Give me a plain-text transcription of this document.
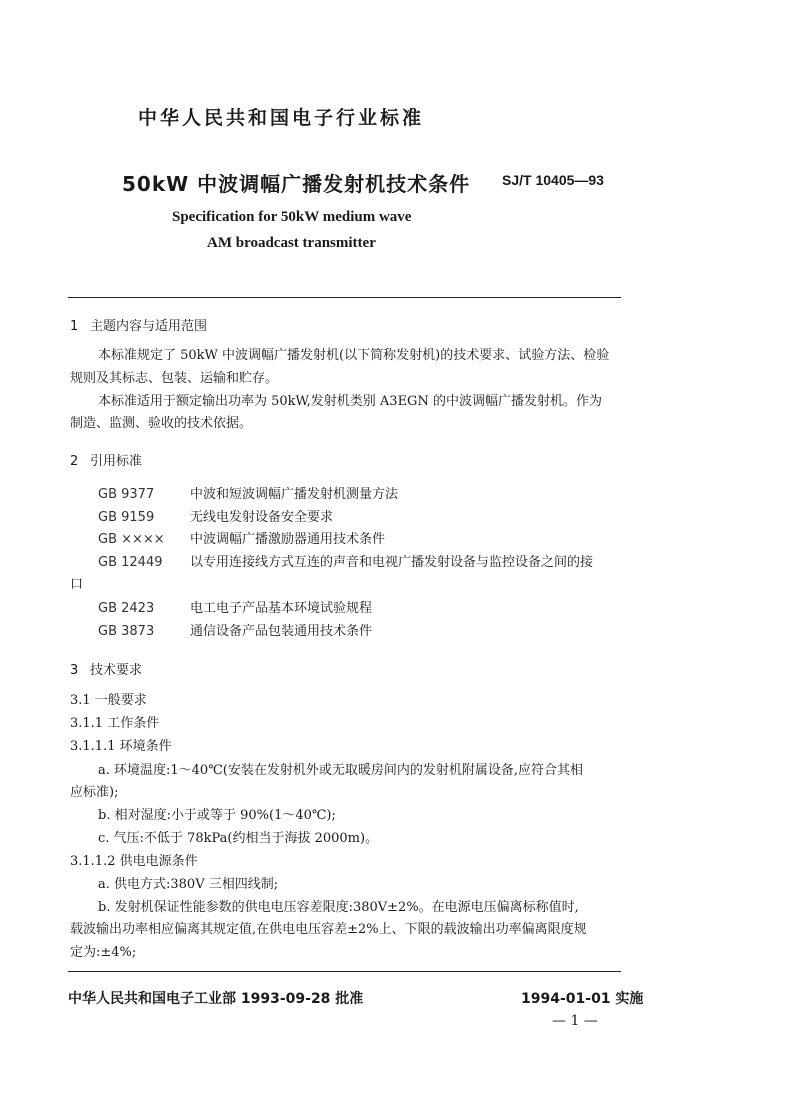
中华人民共和国电子行业标准
50kW 中波调幅广播发射机技术条件 SJ/T 10405—93
Specification for 50kW medium wave
AM broadcast transmitter
1 主题内容与适用范围
本标准规定了 50kW 中波调幅广播发射机(以下简称发射机)的技术要求、试验方法、检验
规则及其标志、包装、运输和贮存。
本标准适用于额定输出功率为 50kW,发射机类别 A3EGN 的中波调幅广播发射机。作为
制造、监测、验收的技术依据。
2 引用标准
GB 9377	中波和短波调幅广播发射机测量方法
GB 9159	无线电发射设备安全要求
GB ×××× 中波调幅广播激励器通用技术条件
GB 12449 以专用连接线方式互连的声音和电视广播发射设备与监控设备之间的接
口
GB 2423	电工电子产品基本环境试验规程
GB 3873	通信设备产品包装通用技术条件
3 技术要求
3.1 一般要求
3.1.1 工作条件
3.1.1.1 环境条件
a. 环境温度:1～40℃(安装在发射机外或无取暖房间内的发射机附属设备,应符合其相
应标准);
b. 相对湿度:小于或等于 90%(1～40℃);
c. 气压:不低于 78kPa(约相当于海拔 2000m)。
3.1.1.2 供电电源条件
a. 供电方式:380V 三相四线制;
b. 发射机保证性能参数的供电电压容差限度:380V±2%。在电源电压偏离标称值时,
载波输出功率相应偏离其规定值,在供电电压容差±2%上、下限的载波输出功率偏离限度规
定为:±4%;
中华人民共和国电子工业部 1993-09-28 批准	1994-01-01 实施
— 1 —
